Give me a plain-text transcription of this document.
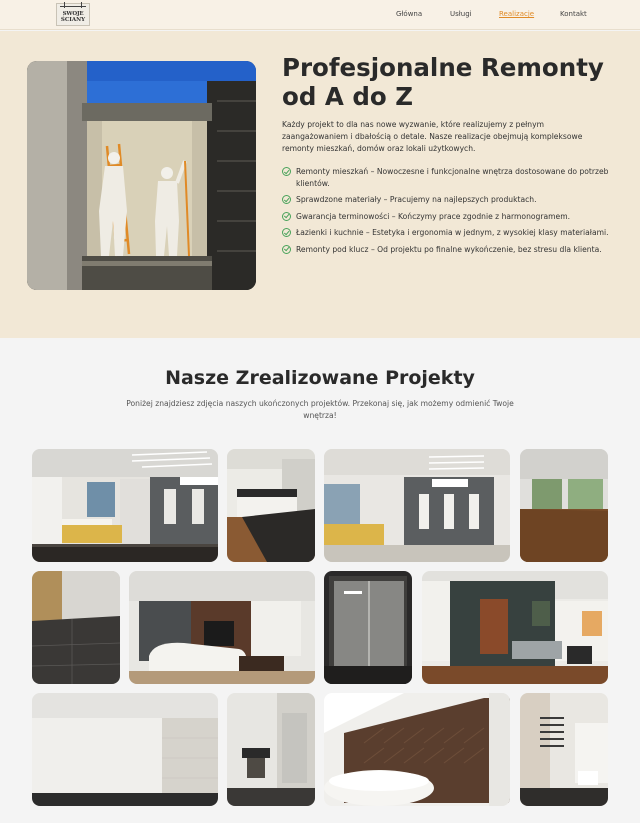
SWOJE
ŚCIANY
Główna	Usługi	Realizacje	Kontakt
Profesjonalne Remonty od A do Z
Każdy projekt to dla nas nowe wyzwanie, które realizujemy z pełnym zaangażowaniem i dbałością o detale. Nasze realizacje obejmują kompleksowe remonty mieszkań, domów oraz lokali użytkowych.
Remonty mieszkań – Nowoczesne i funkcjonalne wnętrza dostosowane do potrzeb klientów.
Sprawdzone materiały – Pracujemy na najlepszych produktach.
Gwarancja terminowości – Kończymy prace zgodnie z harmonogramem.
Łazienki i kuchnie – Estetyka i ergonomia w jednym, z wysokiej klasy materiałami.
Remonty pod klucz – Od projektu po finalne wykończenie, bez stresu dla klienta.
Nasze Zrealizowane Projekty
Poniżej znajdziesz zdjęcia naszych ukończonych projektów. Przekonaj się, jak możemy odmienić Twoje wnętrza!
